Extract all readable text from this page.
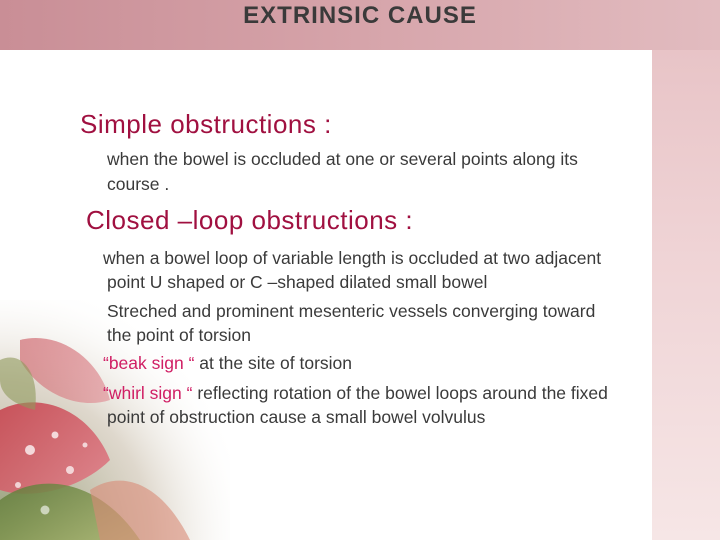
EXTRINSIC CAUSE
Simple obstructions :
when the bowel is occluded at one or several points along its
course .
Closed –loop obstructions :
when a bowel loop of variable length is occluded at two adjacent
point U shaped or C –shaped dilated small bowel
Streched and prominent mesenteric vessels converging toward
the point of torsion
“beak sign “ at the site of torsion
“whirl sign “ reflecting rotation of the bowel loops around the fixed
point of obstruction cause a small bowel volvulus
